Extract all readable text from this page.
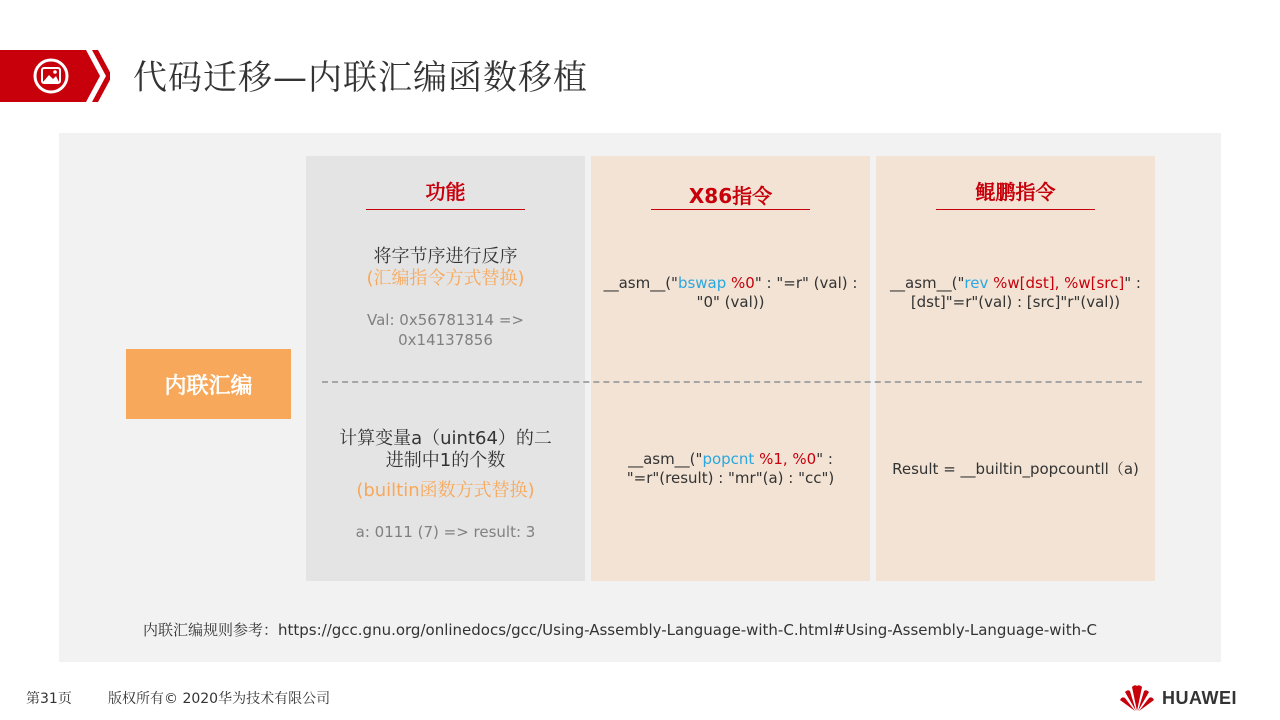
代码迁移—内联汇编函数移植
内联汇编
功能
将字节序进行反序
(汇编指令方式替换)
Val: 0x56781314 =>
0x14137856
计算变量a（uint64）的二
进制中1的个数
(builtin函数方式替换)
a: 0111 (7) => result: 3
X86指令
__asm__("bswap %0" : "=r" (val) :
"0" (val))
__asm__("popcnt %1, %0" :
"=r"(result) : "mr"(a) : "cc")
鲲鹏指令
__asm__("rev %w[dst], %w[src]" :
[dst]"=r"(val) : [src]"r"(val))
Result = __builtin_popcountll（a)
内联汇编规则参考：https://gcc.gnu.org/onlinedocs/gcc/Using-Assembly-Language-with-C.html#Using-Assembly-Language-with-C
第31页	版权所有© 2020华为技术有限公司	HUAWEI
